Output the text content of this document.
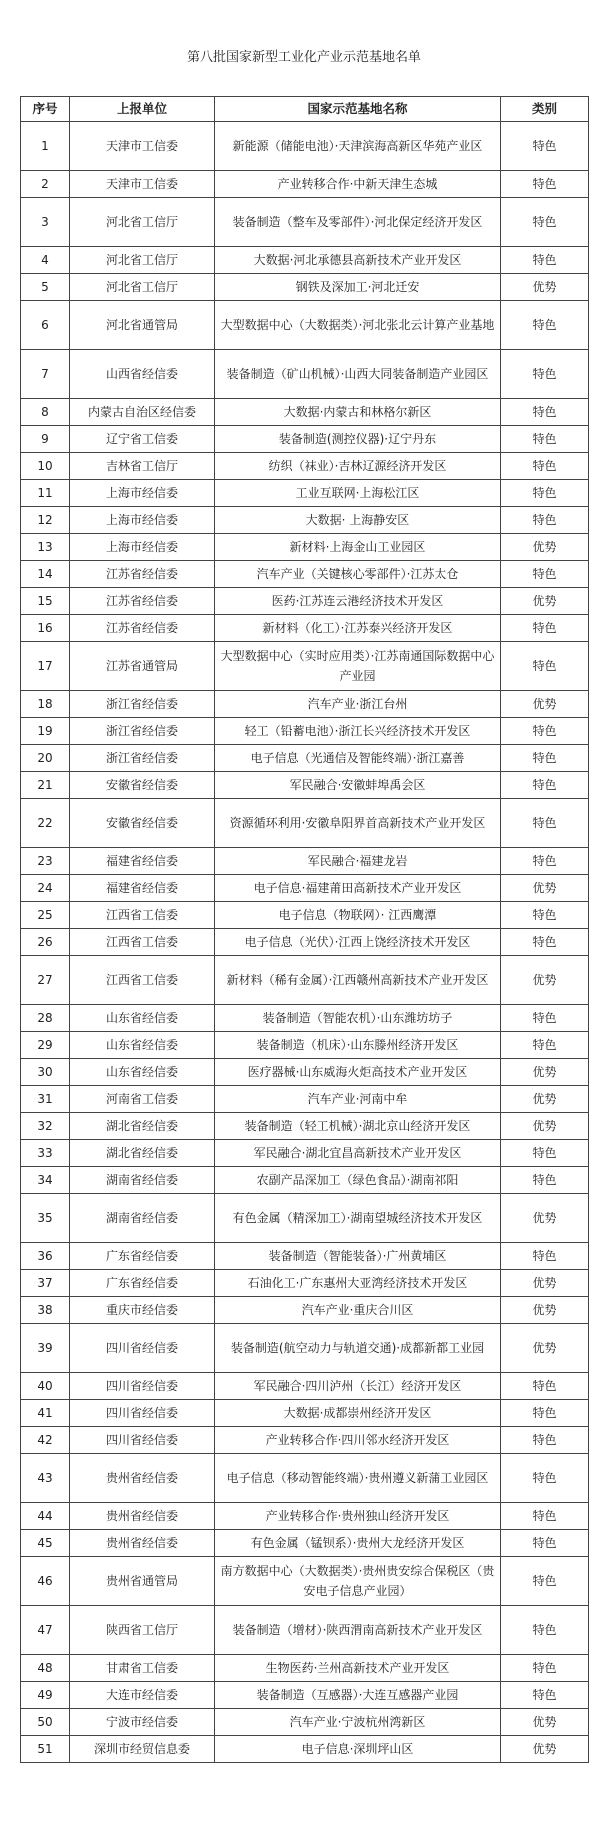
第八批国家新型工业化产业示范基地名单
序号	上报单位	国家示范基地名称	类别
1	天津市工信委	新能源（储能电池）·天津滨海高新区华苑产业区	特色
2	天津市工信委	产业转移合作·中新天津生态城	特色
3	河北省工信厅	装备制造（整车及零部件）·河北保定经济开发区	特色
4	河北省工信厅	大数据·河北承德县高新技术产业开发区	特色
5	河北省工信厅	钢铁及深加工·河北迁安	优势
6	河北省通管局	大型数据中心（大数据类）·河北张北云计算产业基地	特色
7	山西省经信委	装备制造（矿山机械）·山西大同装备制造产业园区	特色
8	内蒙古自治区经信委	大数据·内蒙古和林格尔新区	特色
9	辽宁省工信委	装备制造(测控仪器)·辽宁丹东	特色
10	吉林省工信厅	纺织（袜业）·吉林辽源经济开发区	特色
11	上海市经信委	工业互联网·上海松江区	特色
12	上海市经信委	大数据· 上海静安区	特色
13	上海市经信委	新材料·上海金山工业园区	优势
14	江苏省经信委	汽车产业（关键核心零部件）·江苏太仓	特色
15	江苏省经信委	医药·江苏连云港经济技术开发区	优势
16	江苏省经信委	新材料（化工）·江苏泰兴经济开发区	特色
17	江苏省通管局	大型数据中心（实时应用类）·江苏南通国际数据中心产业园	特色
18	浙江省经信委	汽车产业·浙江台州	优势
19	浙江省经信委	轻工（铅蓄电池）·浙江长兴经济技术开发区	特色
20	浙江省经信委	电子信息（光通信及智能终端）·浙江嘉善	特色
21	安徽省经信委	军民融合·安徽蚌埠禹会区	特色
22	安徽省经信委	资源循环利用·安徽阜阳界首高新技术产业开发区	特色
23	福建省经信委	军民融合·福建龙岩	特色
24	福建省经信委	电子信息·福建莆田高新技术产业开发区	优势
25	江西省工信委	电子信息（物联网）· 江西鹰潭	特色
26	江西省工信委	电子信息（光伏）·江西上饶经济技术开发区	特色
27	江西省工信委	新材料（稀有金属）·江西赣州高新技术产业开发区	优势
28	山东省经信委	装备制造（智能农机）·山东潍坊坊子	特色
29	山东省经信委	装备制造（机床）·山东滕州经济开发区	特色
30	山东省经信委	医疗器械·山东威海火炬高技术产业开发区	优势
31	河南省工信委	汽车产业·河南中牟	优势
32	湖北省经信委	装备制造（轻工机械）·湖北京山经济开发区	优势
33	湖北省经信委	军民融合·湖北宜昌高新技术产业开发区	特色
34	湖南省经信委	农副产品深加工（绿色食品）·湖南祁阳	特色
35	湖南省经信委	有色金属（精深加工）·湖南望城经济技术开发区	优势
36	广东省经信委	装备制造（智能装备）·广州黄埔区	特色
37	广东省经信委	石油化工·广东惠州大亚湾经济技术开发区	优势
38	重庆市经信委	汽车产业·重庆合川区	优势
39	四川省经信委	装备制造(航空动力与轨道交通)·成都新都工业园	优势
40	四川省经信委	军民融合·四川泸州（长江）经济开发区	特色
41	四川省经信委	大数据·成都崇州经济开发区	特色
42	四川省经信委	产业转移合作·四川邻水经济开发区	特色
43	贵州省经信委	电子信息（移动智能终端）·贵州遵义新蒲工业园区	特色
44	贵州省经信委	产业转移合作·贵州独山经济开发区	特色
45	贵州省经信委	有色金属（锰钡系）·贵州大龙经济开发区	特色
46	贵州省通管局	南方数据中心（大数据类）·贵州贵安综合保税区（贵安电子信息产业园）	特色
47	陕西省工信厅	装备制造（增材）·陕西渭南高新技术产业开发区	特色
48	甘肃省工信委	生物医药·兰州高新技术产业开发区	特色
49	大连市经信委	装备制造（互感器）·大连互感器产业园	特色
50	宁波市经信委	汽车产业·宁波杭州湾新区	优势
51	深圳市经贸信息委	电子信息·深圳坪山区	优势
